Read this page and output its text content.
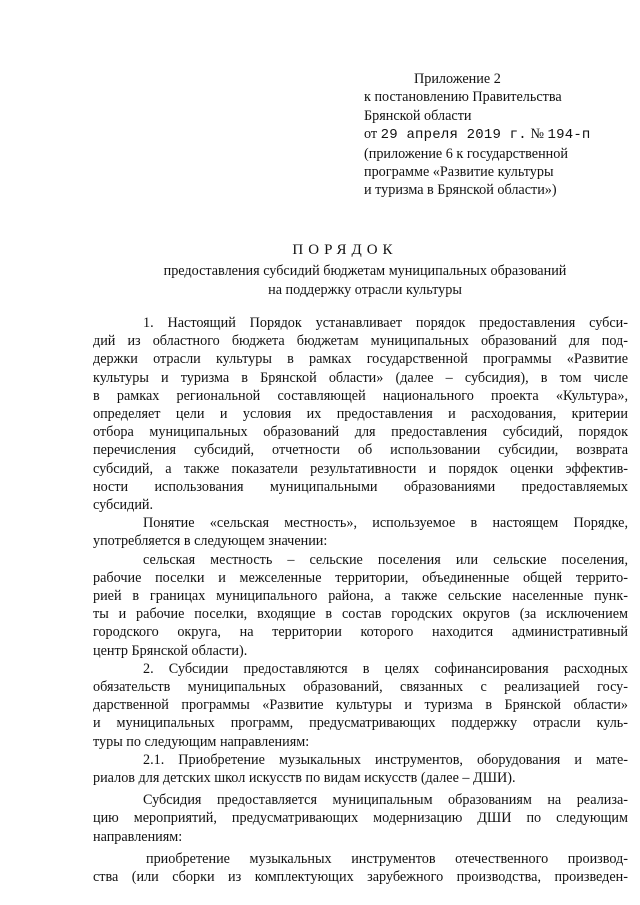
Приложение 2
к постановлению Правительства
Брянской области
от 29 апреля 2019 г. № 194-п
(приложение 6 к государственной
программе «Развитие культуры
и туризма в Брянской области»)
ПОРЯДОК
предоставления субсидий бюджетам муниципальных образований
на поддержку отрасли культуры
1. Настоящий Порядок устанавливает порядок предоставления субси-
дий из областного бюджета бюджетам муниципальных образований для под-
держки отрасли культуры в рамках государственной программы «Развитие
культуры и туризма в Брянской области» (далее – субсидия), в том числе
в рамках региональной составляющей национального проекта «Культура»,
определяет цели и условия их предоставления и расходования, критерии
отбора муниципальных образований для предоставления субсидий, порядок
перечисления субсидий, отчетности об использовании субсидии, возврата
субсидий, а также показатели результативности и порядок оценки эффектив-
ности использования муниципальными образованиями предоставляемых
субсидий.
Понятие «сельская местность», используемое в настоящем Порядке,
употребляется в следующем значении:
сельская местность – сельские поселения или сельские поселения,
рабочие поселки и межселенные территории, объединенные общей террито-
рией в границах муниципального района, а также сельские населенные пунк-
ты и рабочие поселки, входящие в состав городских округов (за исключением
городского округа, на территории которого находится административный
центр Брянской области).
2. Субсидии предоставляются в целях софинансирования расходных
обязательств муниципальных образований, связанных с реализацией госу-
дарственной программы «Развитие культуры и туризма в Брянской области»
и муниципальных программ, предусматривающих поддержку отрасли куль-
туры по следующим направлениям:
2.1. Приобретение музыкальных инструментов, оборудования и мате-
риалов для детских школ искусств по видам искусств (далее – ДШИ).
Субсидия предоставляется муниципальным образованиям на реализа-
цию мероприятий, предусматривающих модернизацию ДШИ по следующим
направлениям:
приобретение музыкальных инструментов отечественного производ-
ства (или сборки из комплектующих зарубежного производства, произведен-
